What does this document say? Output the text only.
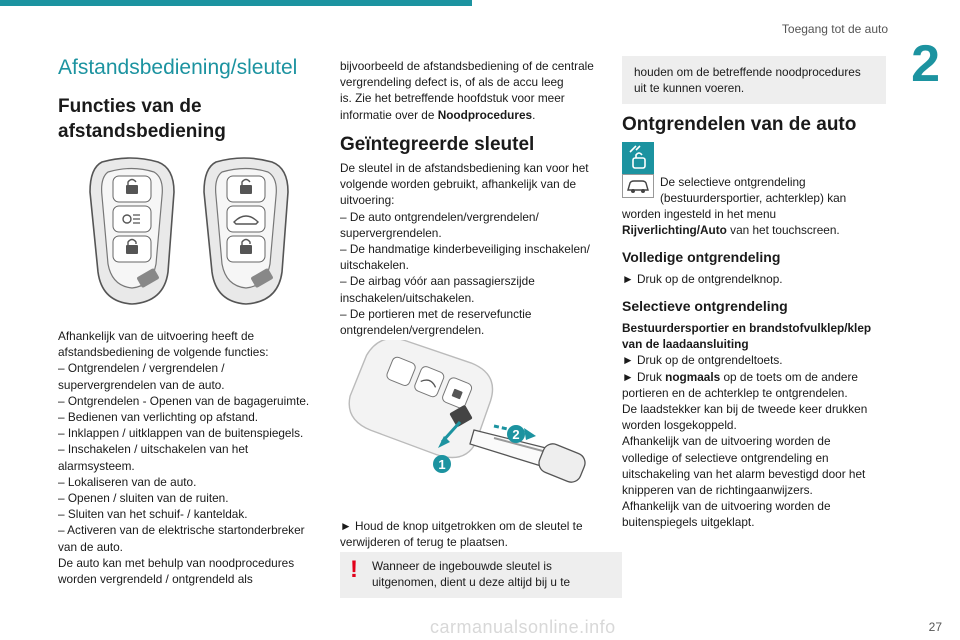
Toegang tot de auto
2
Afstandsbediening/sleutel

Functies van de afstandsbediening

Afhankelijk van de uitvoering heeft de

afstandsbediening de volgende functies:

– Ontgrendelen / vergrendelen /

supervergrendelen van de auto.

– Ontgrendelen - Openen van de bagageruimte.

– Bedienen van verlichting op afstand.

– Inklappen / uitklappen van de buitenspiegels.

– Inschakelen / uitschakelen van het

alarmsysteem.

– Lokaliseren van de auto.

– Openen / sluiten van de ruiten.

– Sluiten van het schuif- / kanteldak.

– Activeren van de elektrische startonderbreker

van de auto.

De auto kan met behulp van noodprocedures

worden vergrendeld / ontgrendeld als

bijvoorbeeld de afstandsbediening of de centrale

vergrendeling defect is, of als de accu leeg

is. Zie het betreffende hoofdstuk voor meer

informatie over de Noodprocedures.

Geïntegreerde sleutel

De sleutel in de afstandsbediening kan voor het

volgende worden gebruikt, afhankelijk van de

uitvoering:

– De auto ontgrendelen/vergrendelen/

supervergrendelen.

– De handmatige kinderbeveiliging inschakelen/

uitschakelen.

– De airbag vóór aan passagierszijde

inschakelen/uitschakelen.

– De portieren met de reservefunctie

ontgrendelen/vergrendelen.

1
2

► Houd de knop uitgetrokken om de sleutel te

verwijderen of terug te plaatsen.

! Wanneer de ingebouwde sleutel is

uitgenomen, dient u deze altijd bij u te

houden om de betreffende noodprocedures

uit te kunnen voeren.

Ontgrendelen van de auto

De selectieve ontgrendeling

(bestuurdersportier, achterklep) kan

worden ingesteld in het menu

Rijverlichting/Auto van het touchscreen.

Volledige ontgrendeling

► Druk op de ontgrendelknop.

Selectieve ontgrendeling

Bestuurdersportier en brandstofvulklep/klep

van de laadaansluiting

► Druk op de ontgrendeltoets.

► Druk nogmaals op de toets om de andere

portieren en de achterklep te ontgrendelen.

De laadstekker kan bij de tweede keer drukken

worden losgekoppeld.

Afhankelijk van de uitvoering worden de

volledige of selectieve ontgrendeling en

uitschakeling van het alarm bevestigd door het

knipperen van de richtingaanwijzers.

Afhankelijk van de uitvoering worden de

buitenspiegels uitgeklapt.

carmanualsonline.info	27
